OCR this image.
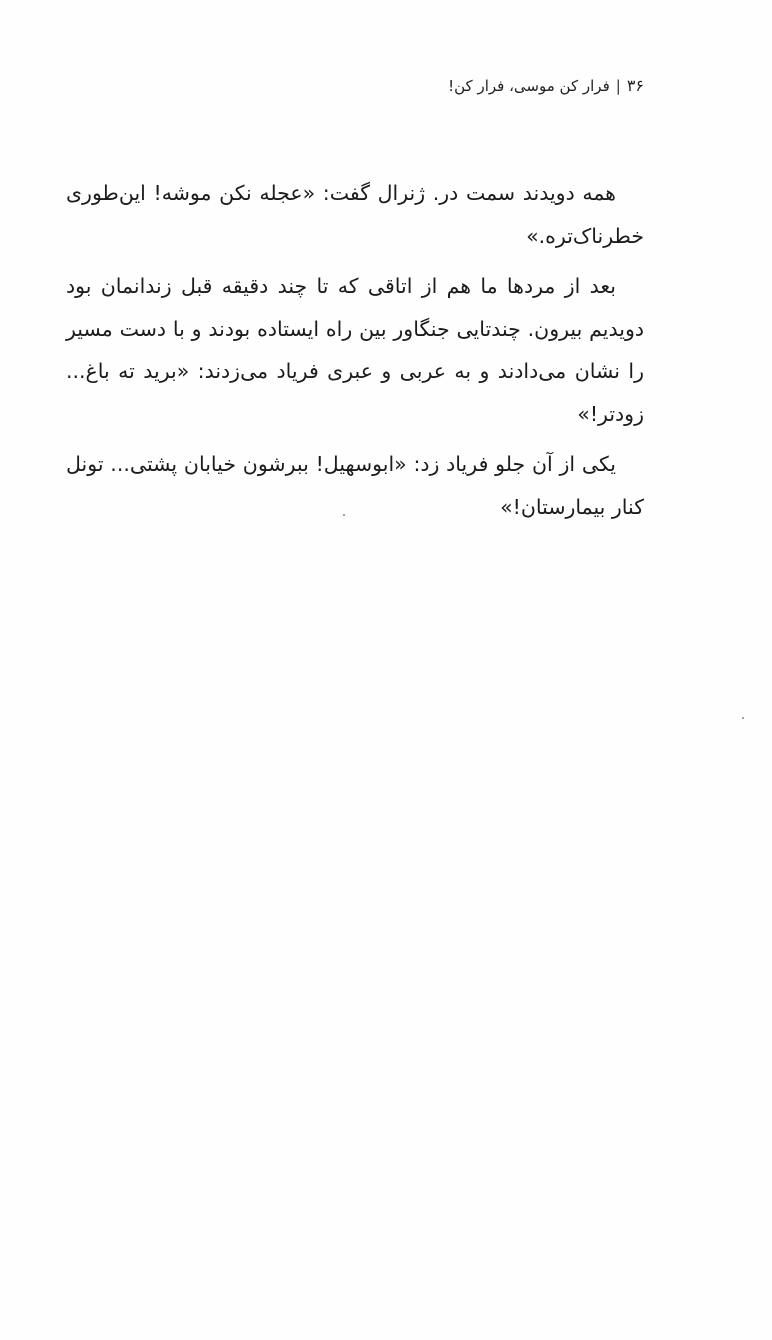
۳۶
|
فرار کن موسی، فرار کن!

همه دویدند سمت در. ژنرال گفت: «عجله نکن موشه! این‌طوری خطرناک‌تره.»

بعد از مردها ما هم از اتاقی که تا چند دقیقه قبل زندانمان بود دویدیم بیرون. چندتایی جنگاور بین راه ایستاده بودند و با دست مسیر را نشان می‌دادند و به عربی و عبری فریاد می‌زدند: «برید ته باغ... زودتر!»

یکی از آن جلو فریاد زد: «ابوسهیل! ببرشون خیابان پشتی... تونل کنار بیمارستان!»
